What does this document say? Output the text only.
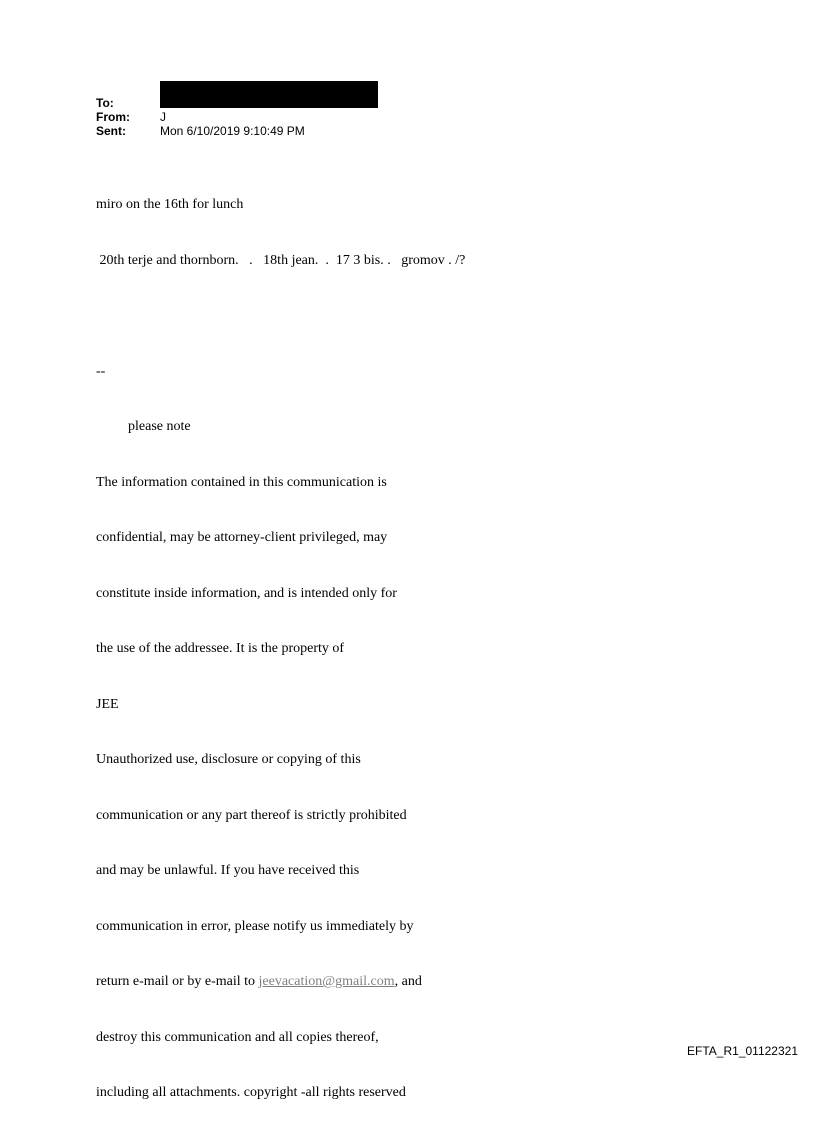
To:
From:	J
Sent:	Mon 6/10/2019 9:10:49 PM

miro on the 16th for lunch

20th terje and thornborn.   .   18th jean.  .  17 3 bis. .   gromov . /?

--

please note

The information contained in this communication is

confidential, may be attorney-client privileged, may

constitute inside information, and is intended only for

the use of the addressee. It is the property of

JEE

Unauthorized use, disclosure or copying of this

communication or any part thereof is strictly prohibited

and may be unlawful. If you have received this

communication in error, please notify us immediately by

return e-mail or by e-mail to jeevacation@gmail.com, and

destroy this communication and all copies thereof,

including all attachments. copyright -all rights reserved

EFTA_R1_01122321
